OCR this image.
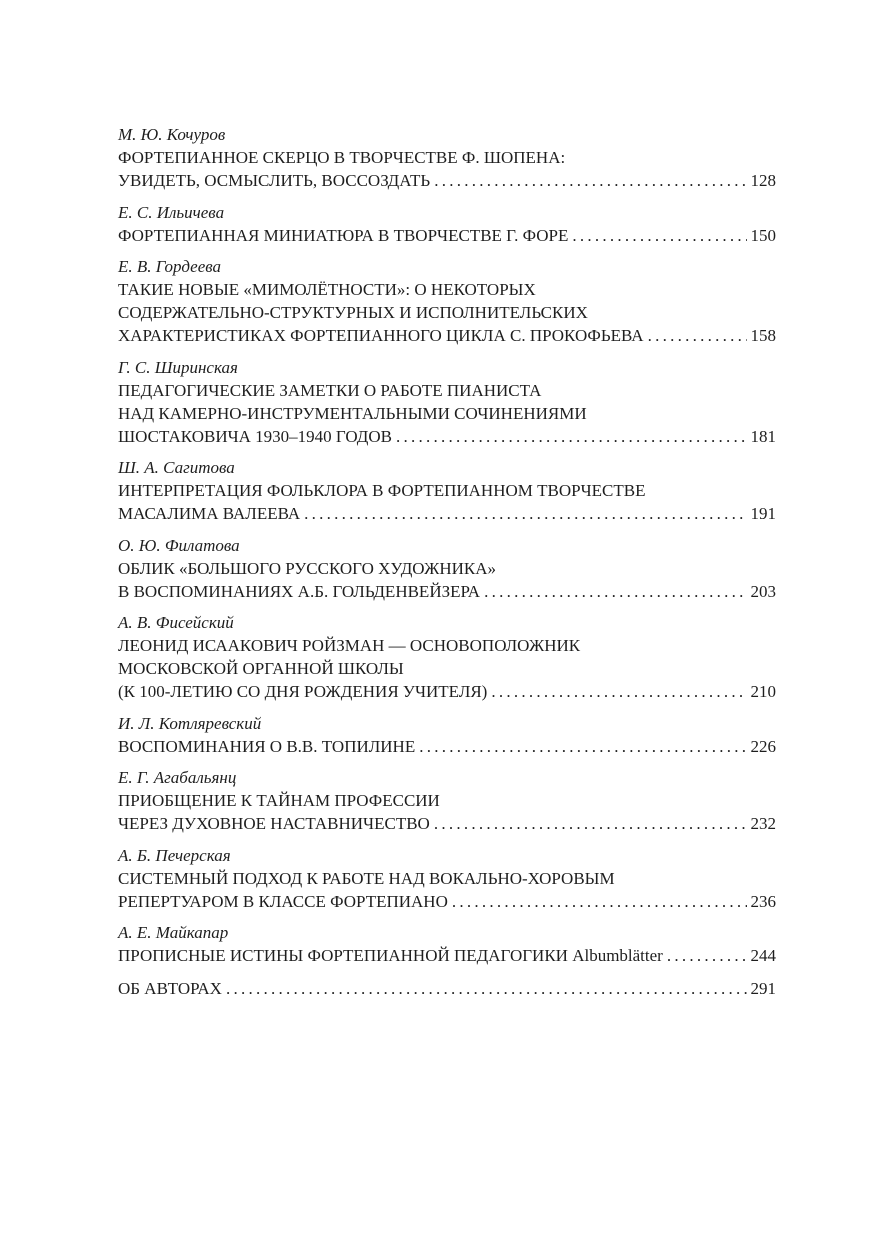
М. Ю. Кочуров
ФОРТЕПИАННОЕ СКЕРЦО В ТВОРЧЕСТВЕ Ф. ШОПЕНА:
УВИДЕТЬ, ОСМЫСЛИТЬ, ВОССОЗДАТЬ . . .	128
Е. С. Ильичева
ФОРТЕПИАННАЯ МИНИАТЮРА В ТВОРЧЕСТВЕ Г. ФОРЕ . . .	150
Е. В. Гордеева
ТАКИЕ НОВЫЕ «МИМОЛЁТНОСТИ»: О НЕКОТОРЫХ
СОДЕРЖАТЕЛЬНО-СТРУКТУРНЫХ И ИСПОЛНИТЕЛЬСКИХ
ХАРАКТЕРИСТИКАХ ФОРТЕПИАННОГО ЦИКЛА С. ПРОКОФЬЕВА . . .	158
Г. С. Ширинская
ПЕДАГОГИЧЕСКИЕ ЗАМЕТКИ О РАБОТЕ ПИАНИСТА
НАД КАМЕРНО-ИНСТРУМЕНТАЛЬНЫМИ СОЧИНЕНИЯМИ
ШОСТАКОВИЧА 1930–1940 ГОДОВ . . .	181
Ш. А. Сагитова
ИНТЕРПРЕТАЦИЯ ФОЛЬКЛОРА В ФОРТЕПИАННОМ ТВОРЧЕСТВЕ
МАСАЛИМА ВАЛЕЕВА . . .	191
О. Ю. Филатова
ОБЛИК «БОЛЬШОГО РУССКОГО ХУДОЖНИКА»
В ВОСПОМИНАНИЯХ А.Б. ГОЛЬДЕНВЕЙЗЕРА . . .	203
А. В. Фисейский
ЛЕОНИД ИСААКОВИЧ РОЙЗМАН — ОСНОВОПОЛОЖНИК
МОСКОВСКОЙ ОРГАННОЙ ШКОЛЫ
(К 100-ЛЕТИЮ СО ДНЯ РОЖДЕНИЯ УЧИТЕЛЯ) . . .	210
И. Л. Котляревский
ВОСПОМИНАНИЯ О В.В. ТОПИЛИНЕ . . .	226
Е. Г. Агабальянц
ПРИОБЩЕНИЕ К ТАЙНАМ ПРОФЕССИИ
ЧЕРЕЗ ДУХОВНОЕ НАСТАВНИЧЕСТВО . . .	232
А. Б. Печерская
СИСТЕМНЫЙ ПОДХОД К РАБОТЕ НАД ВОКАЛЬНО-ХОРОВЫМ
РЕПЕРТУАРОМ В КЛАССЕ ФОРТЕПИАНО . . .	236
А. Е. Майкапар
ПРОПИСНЫЕ ИСТИНЫ ФОРТЕПИАННОЙ ПЕДАГОГИКИ Albumblätter . . .	244
ОБ АВТОРАХ . . .	291
